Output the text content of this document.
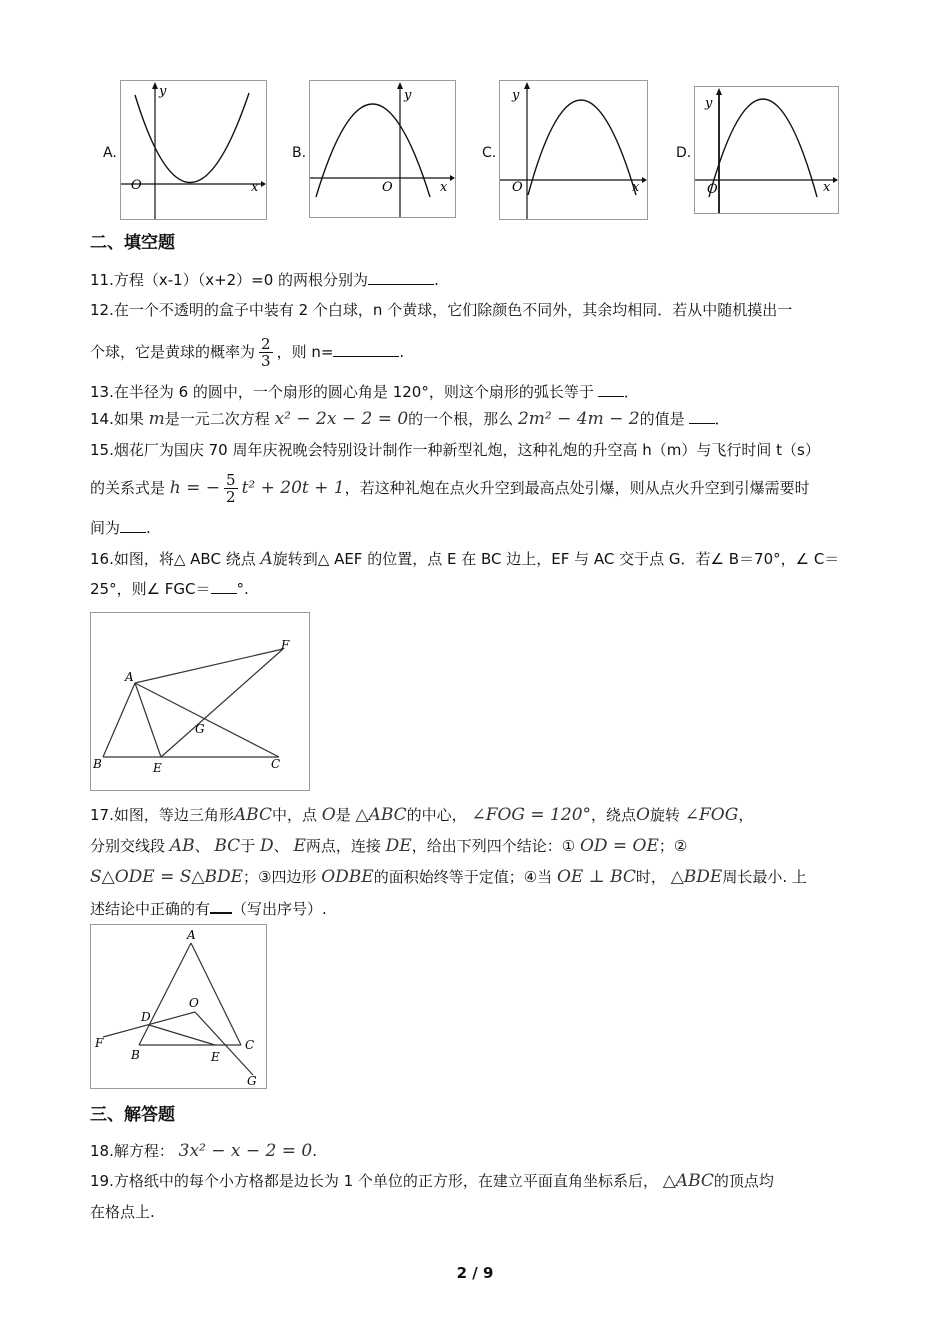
A.
y
x
O
B.
y
x
O
C.
y
x
O
D.
y
x
O
二、填空题
11.方程（x-1）（x+2）=0 的两根分别为	.
12.在一个不透明的盒子中装有 2 个白球，n 个黄球，它们除颜色不同外，其余均相同．若从中随机摸出一
个球，它是黄球的概率为 $\frac{2}{3}$ ，则 n=	.
13.在半径为 6 的圆中，一个扇形的圆心角是 120°，则这个扇形的弧长等于 ．
14.如果 m是一元二次方程 x² − 2x − 2 = 0的一个根，那么 2m² − 4m − 2的值是 ．
15.烟花厂为国庆 70 周年庆祝晚会特别设计制作一种新型礼炮，这种礼炮的升空高 h（m）与飞行时间 t（s）
的关系式是 h = − $\frac{5}{2} t^2 + 20t + 1$，若这种礼炮在点火升空到最高点处引爆，则从点火升空到引爆需要时
间为 .
16.如图，将△ ABC 绕点 A旋转到△ AEF 的位置，点 E 在 BC 边上，EF 与 AC 交于点 G．若∠ B＝70°，∠ C＝
25°，则∠ FGC＝ °.
A
B	C
E
F
G
17.如图，等边三角形ABC中，点 O是 △ABC的中心， ∠FOG = 120°，绕点O旋转 ∠FOG，
分别交线段 AB、 BC于 D、 E两点，连接 DE，给出下列四个结论：① OD = OE；②
S△ODE = S△BDE；③四边形 ODBE的面积始终等于定值；④当 OE ⊥ BC时， △BDE周长最小. 上
述结论中正确的有 （写出序号）.
A
B
C
D
E
F
G
O
三、解答题
18.解方程： 3x² − x − 2 = 0.
19.方格纸中的每个小方格都是边长为 1 个单位的正方形，在建立平面直角坐标系后， △ABC的顶点均
在格点上.
2 / 9
